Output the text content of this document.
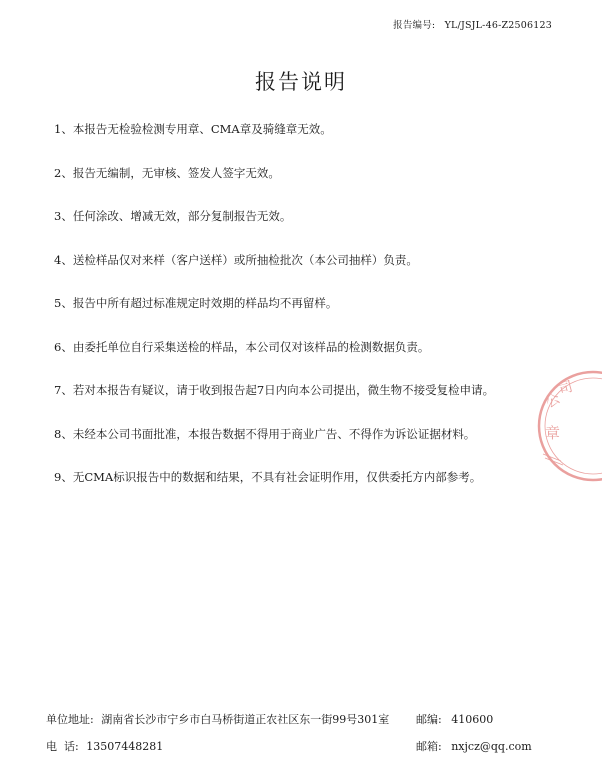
报告编号: YL/JSJL-46-Z2506123
报告说明
1、本报告无检验检测专用章、CMA章及骑缝章无效。
2、报告无编制，无审核、签发人签字无效。
3、任何涂改、增减无效，部分复制报告无效。
4、送检样品仅对来样（客户送样）或所抽检批次（本公司抽样）负责。
5、报告中所有超过标准规定时效期的样品均不再留样。
6、由委托单位自行采集送检的样品，本公司仅对该样品的检测数据负责。
7、若对本报告有疑议，请于收到报告起7日内向本公司提出，微生物不接受复检申请。
8、未经本公司书面批准，本报告数据不得用于商业广告、不得作为诉讼证据材料。
9、无CMA标识报告中的数据和结果，不具有社会证明作用，仅供委托方内部参考。
公
司
章
单位地址: 湖南省长沙市宁乡市白马桥街道正农社区东一街99号301室 邮编: 410600
电  话: 13507448281	邮箱: nxjcz@qq.com
